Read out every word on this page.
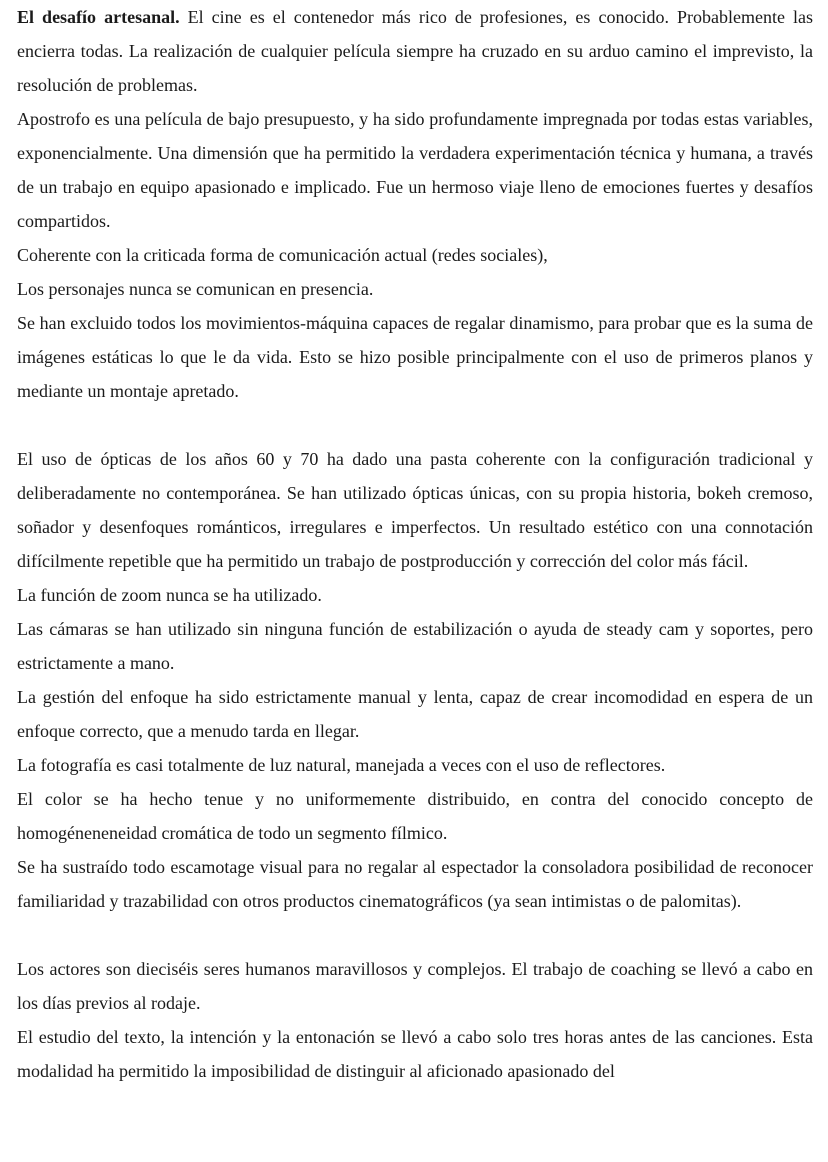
El desafío artesanal. El cine es el contenedor más rico de profesiones, es conocido. Probablemente las encierra todas. La realización de cualquier película siempre ha cruzado en su arduo camino el imprevisto, la resolución de problemas.

Apostrofo es una película de bajo presupuesto, y ha sido profundamente impregnada por todas estas variables, exponencialmente. Una dimensión que ha permitido la verdadera experimentación técnica y humana, a través de un trabajo en equipo apasionado e implicado. Fue un hermoso viaje lleno de emociones fuertes y desafíos compartidos.

Coherente con la criticada forma de comunicación actual (redes sociales),

Los personajes nunca se comunican en presencia.

Se han excluido todos los movimientos-máquina capaces de regalar dinamismo, para probar que es la suma de imágenes estáticas lo que le da vida. Esto se hizo posible principalmente con el uso de primeros planos y mediante un montaje apretado.

El uso de ópticas de los años 60 y 70 ha dado una pasta coherente con la configuración tradicional y deliberadamente no contemporánea. Se han utilizado ópticas únicas, con su propia historia, bokeh cremoso, soñador y desenfoques románticos, irregulares e imperfectos. Un resultado estético con una connotación difícilmente repetible que ha permitido un trabajo de postproducción y corrección del color más fácil.

La función de zoom nunca se ha utilizado.

Las cámaras se han utilizado sin ninguna función de estabilización o ayuda de steady cam y soportes, pero estrictamente a mano.

La gestión del enfoque ha sido estrictamente manual y lenta, capaz de crear incomodidad en espera de un enfoque correcto, que a menudo tarda en llegar.

La fotografía es casi totalmente de luz natural, manejada a veces con el uso de reflectores.

El color se ha hecho tenue y no uniformemente distribuido, en contra del conocido concepto de homogéneneneidad cromática de todo un segmento fílmico.

Se ha sustraído todo escamotage visual para no regalar al espectador la consoladora posibilidad de reconocer familiaridad y trazabilidad con otros productos cinematográficos (ya sean intimistas o de palomitas).

Los actores son dieciséis seres humanos maravillosos y complejos. El trabajo de coaching se llevó a cabo en los días previos al rodaje.

El estudio del texto, la intención y la entonación se llevó a cabo solo tres horas antes de las canciones. Esta modalidad ha permitido la imposibilidad de distinguir al aficionado apasionado del
